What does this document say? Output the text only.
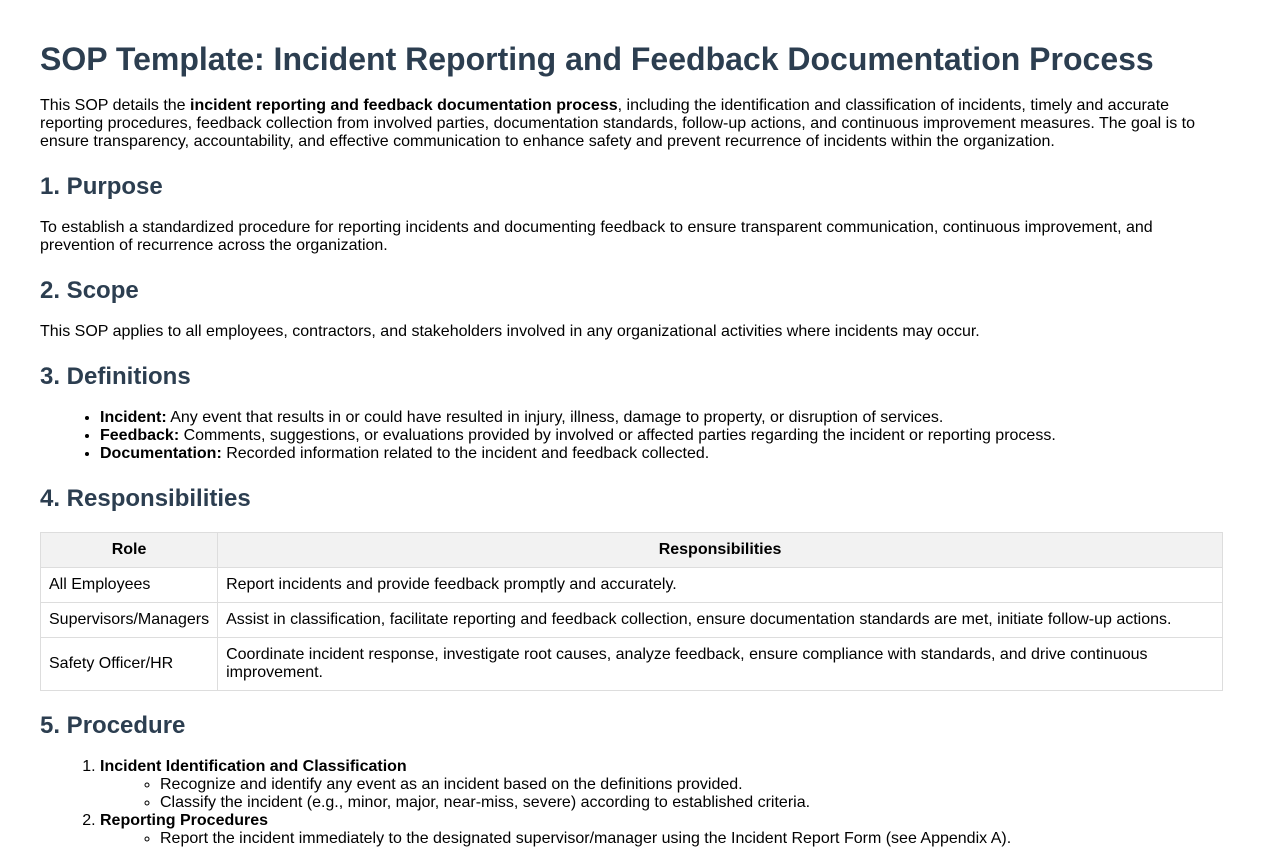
SOP Template: Incident Reporting and Feedback Documentation Process

This SOP details the incident reporting and feedback documentation process, including the identification and classification of incidents, timely and accurate reporting procedures, feedback collection from involved parties, documentation standards, follow-up actions, and continuous improvement measures. The goal is to ensure transparency, accountability, and effective communication to enhance safety and prevent recurrence of incidents within the organization.

1. Purpose

To establish a standardized procedure for reporting incidents and documenting feedback to ensure transparent communication, continuous improvement, and prevention of recurrence across the organization.

2. Scope

This SOP applies to all employees, contractors, and stakeholders involved in any organizational activities where incidents may occur.

3. Definitions
• Incident: Any event that results in or could have resulted in injury, illness, damage to property, or disruption of services.
• Feedback: Comments, suggestions, or evaluations provided by involved or affected parties regarding the incident or reporting process.
• Documentation: Recorded information related to the incident and feedback collected.
4. Responsibilities
Role	Responsibilities
All Employees	Report incidents and provide feedback promptly and accurately.
Supervisors/Managers	Assist in classification, facilitate reporting and feedback collection, ensure documentation standards are met, initiate follow-up actions.
Safety Officer/HR	Coordinate incident response, investigate root causes, analyze feedback, ensure compliance with standards, and drive continuous improvement.
5. Procedure
1. Incident Identification and Classification
◦ Recognize and identify any event as an incident based on the definitions provided.
◦ Classify the incident (e.g., minor, major, near-miss, severe) according to established criteria.
2. Reporting Procedures
◦ Report the incident immediately to the designated supervisor/manager using the Incident Report Form (see Appendix A).
